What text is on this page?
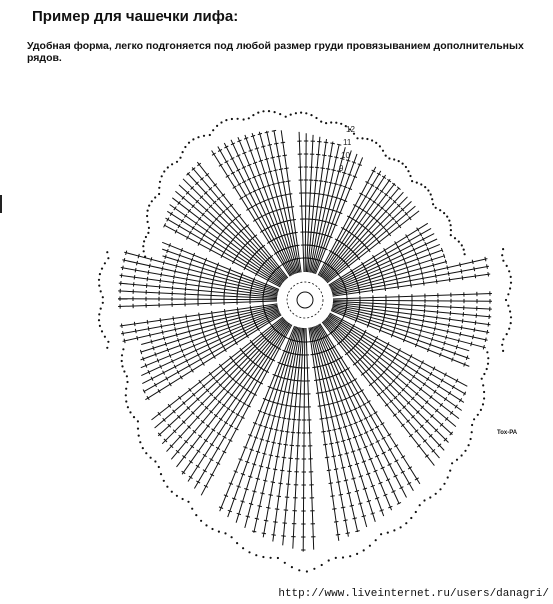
Пример для чашечки лифа:
Удобная форма, легко подгоняется под любой размер груди провязыванием дополнительных рядов.
12
11
10
9
Tox-PA
http://www.liveinternet.ru/users/danagri/
